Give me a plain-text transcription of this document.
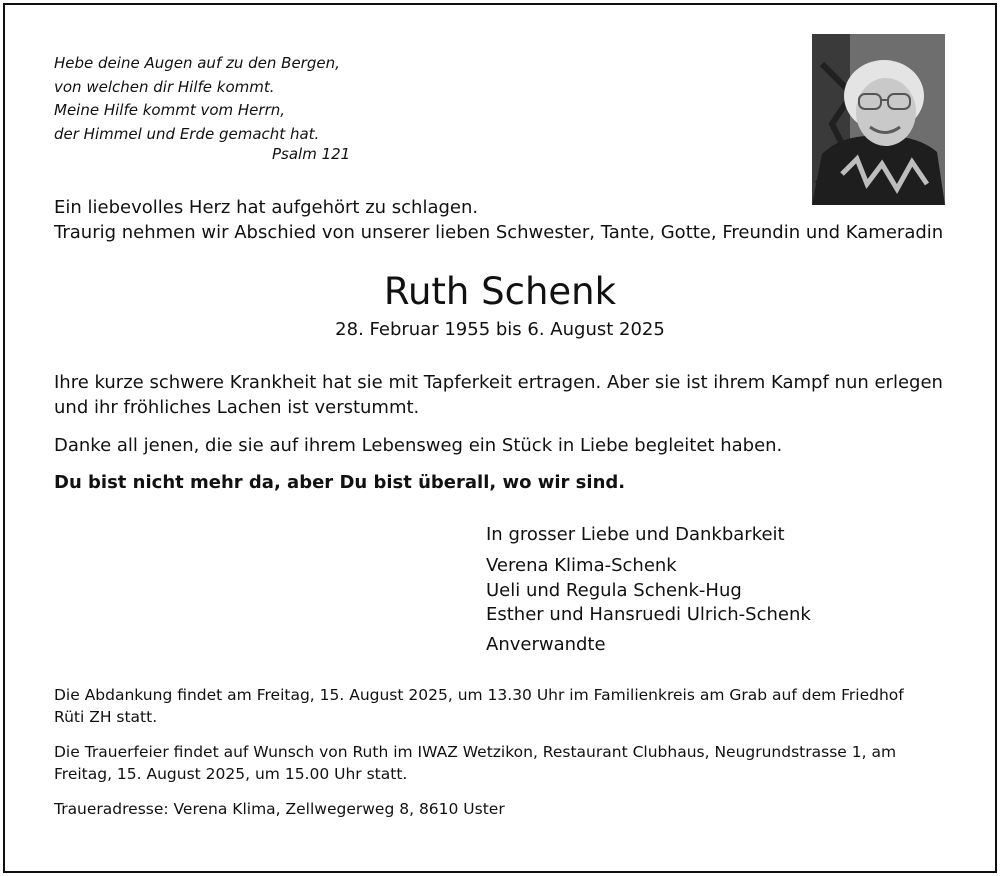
Hebe deine Augen auf zu den Bergen,
von welchen dir Hilfe kommt.
Meine Hilfe kommt vom Herrn,
der Himmel und Erde gemacht hat.
Psalm 121
Ein liebevolles Herz hat aufgehört zu schlagen.
Traurig nehmen wir Abschied von unserer lieben Schwester, Tante, Gotte, Freundin und Kameradin
Ruth Schenk
28. Februar 1955 bis 6. August 2025
Ihre kurze schwere Krankheit hat sie mit Tapferkeit ertragen. Aber sie ist ihrem Kampf nun erlegen
und ihr fröhliches Lachen ist verstummt.
Danke all jenen, die sie auf ihrem Lebensweg ein Stück in Liebe begleitet haben.
Du bist nicht mehr da, aber Du bist überall, wo wir sind.
In grosser Liebe und Dankbarkeit
Verena Klima-Schenk
Ueli und Regula Schenk-Hug
Esther und Hansruedi Ulrich-Schenk
Anverwandte
Die Abdankung findet am Freitag, 15. August 2025, um 13.30 Uhr im Familienkreis am Grab auf dem Friedhof
Rüti ZH statt.
Die Trauerfeier findet auf Wunsch von Ruth im IWAZ Wetzikon, Restaurant Clubhaus, Neugrundstrasse 1, am
Freitag, 15. August 2025, um 15.00 Uhr statt.
Traueradresse: Verena Klima, Zellwegerweg 8, 8610 Uster
